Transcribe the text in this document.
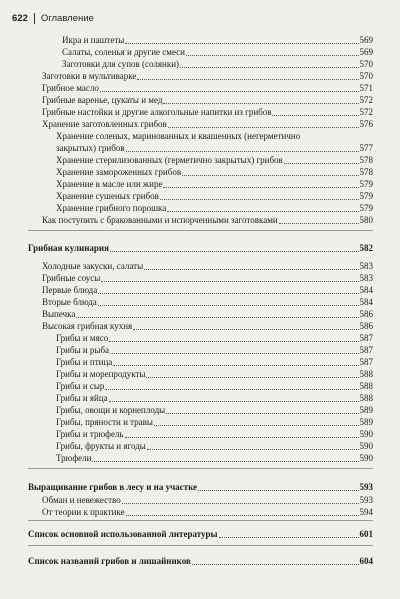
622 Оглавление
Икра и паштеты	569
Салаты, соленья и другие смеси	569
Заготовки для супов (солянки)	570
Заготовки в мультиварке	570
Грибное масло	571
Грибные варенье, цукаты и мед	572
Грибные настойки и другие алкогольные напитки из грибов	572
Хранение заготовленных грибов	576
Хранение соленых, маринованных и квашенных (негерметично
закрытых) грибов	577
Хранение стерилизованных (герметично закрытых) грибов	578
Хранение замороженных грибов	578
Хранение в масле или жире	579
Хранение сушеных грибов	579
Хранение грибного порошка	579
Как поступить с бракованными и испорченными заготовками	580
Грибная кулинария	582
Холодные закуски, салаты	583
Грибные соусы	583
Первые блюда	584
Вторые блюда	584
Выпечка	586
Высокая грибная кухня	586
Грибы и мясо	587
Грибы и рыба	587
Грибы и птица	587
Грибы и морепродукты	588
Грибы и сыр	588
Грибы и яйца	588
Грибы, овощи и корнеплоды	589
Грибы, пряности и травы	589
Грибы и трюфель	590
Грибы, фрукты и ягоды	590
Трюфели	590
Выращивание грибов в лесу и на участке	593
Обман и невежество	593
От теории к практике	594
Список основной использованной литературы	601
Список названий грибов и лишайников	604
